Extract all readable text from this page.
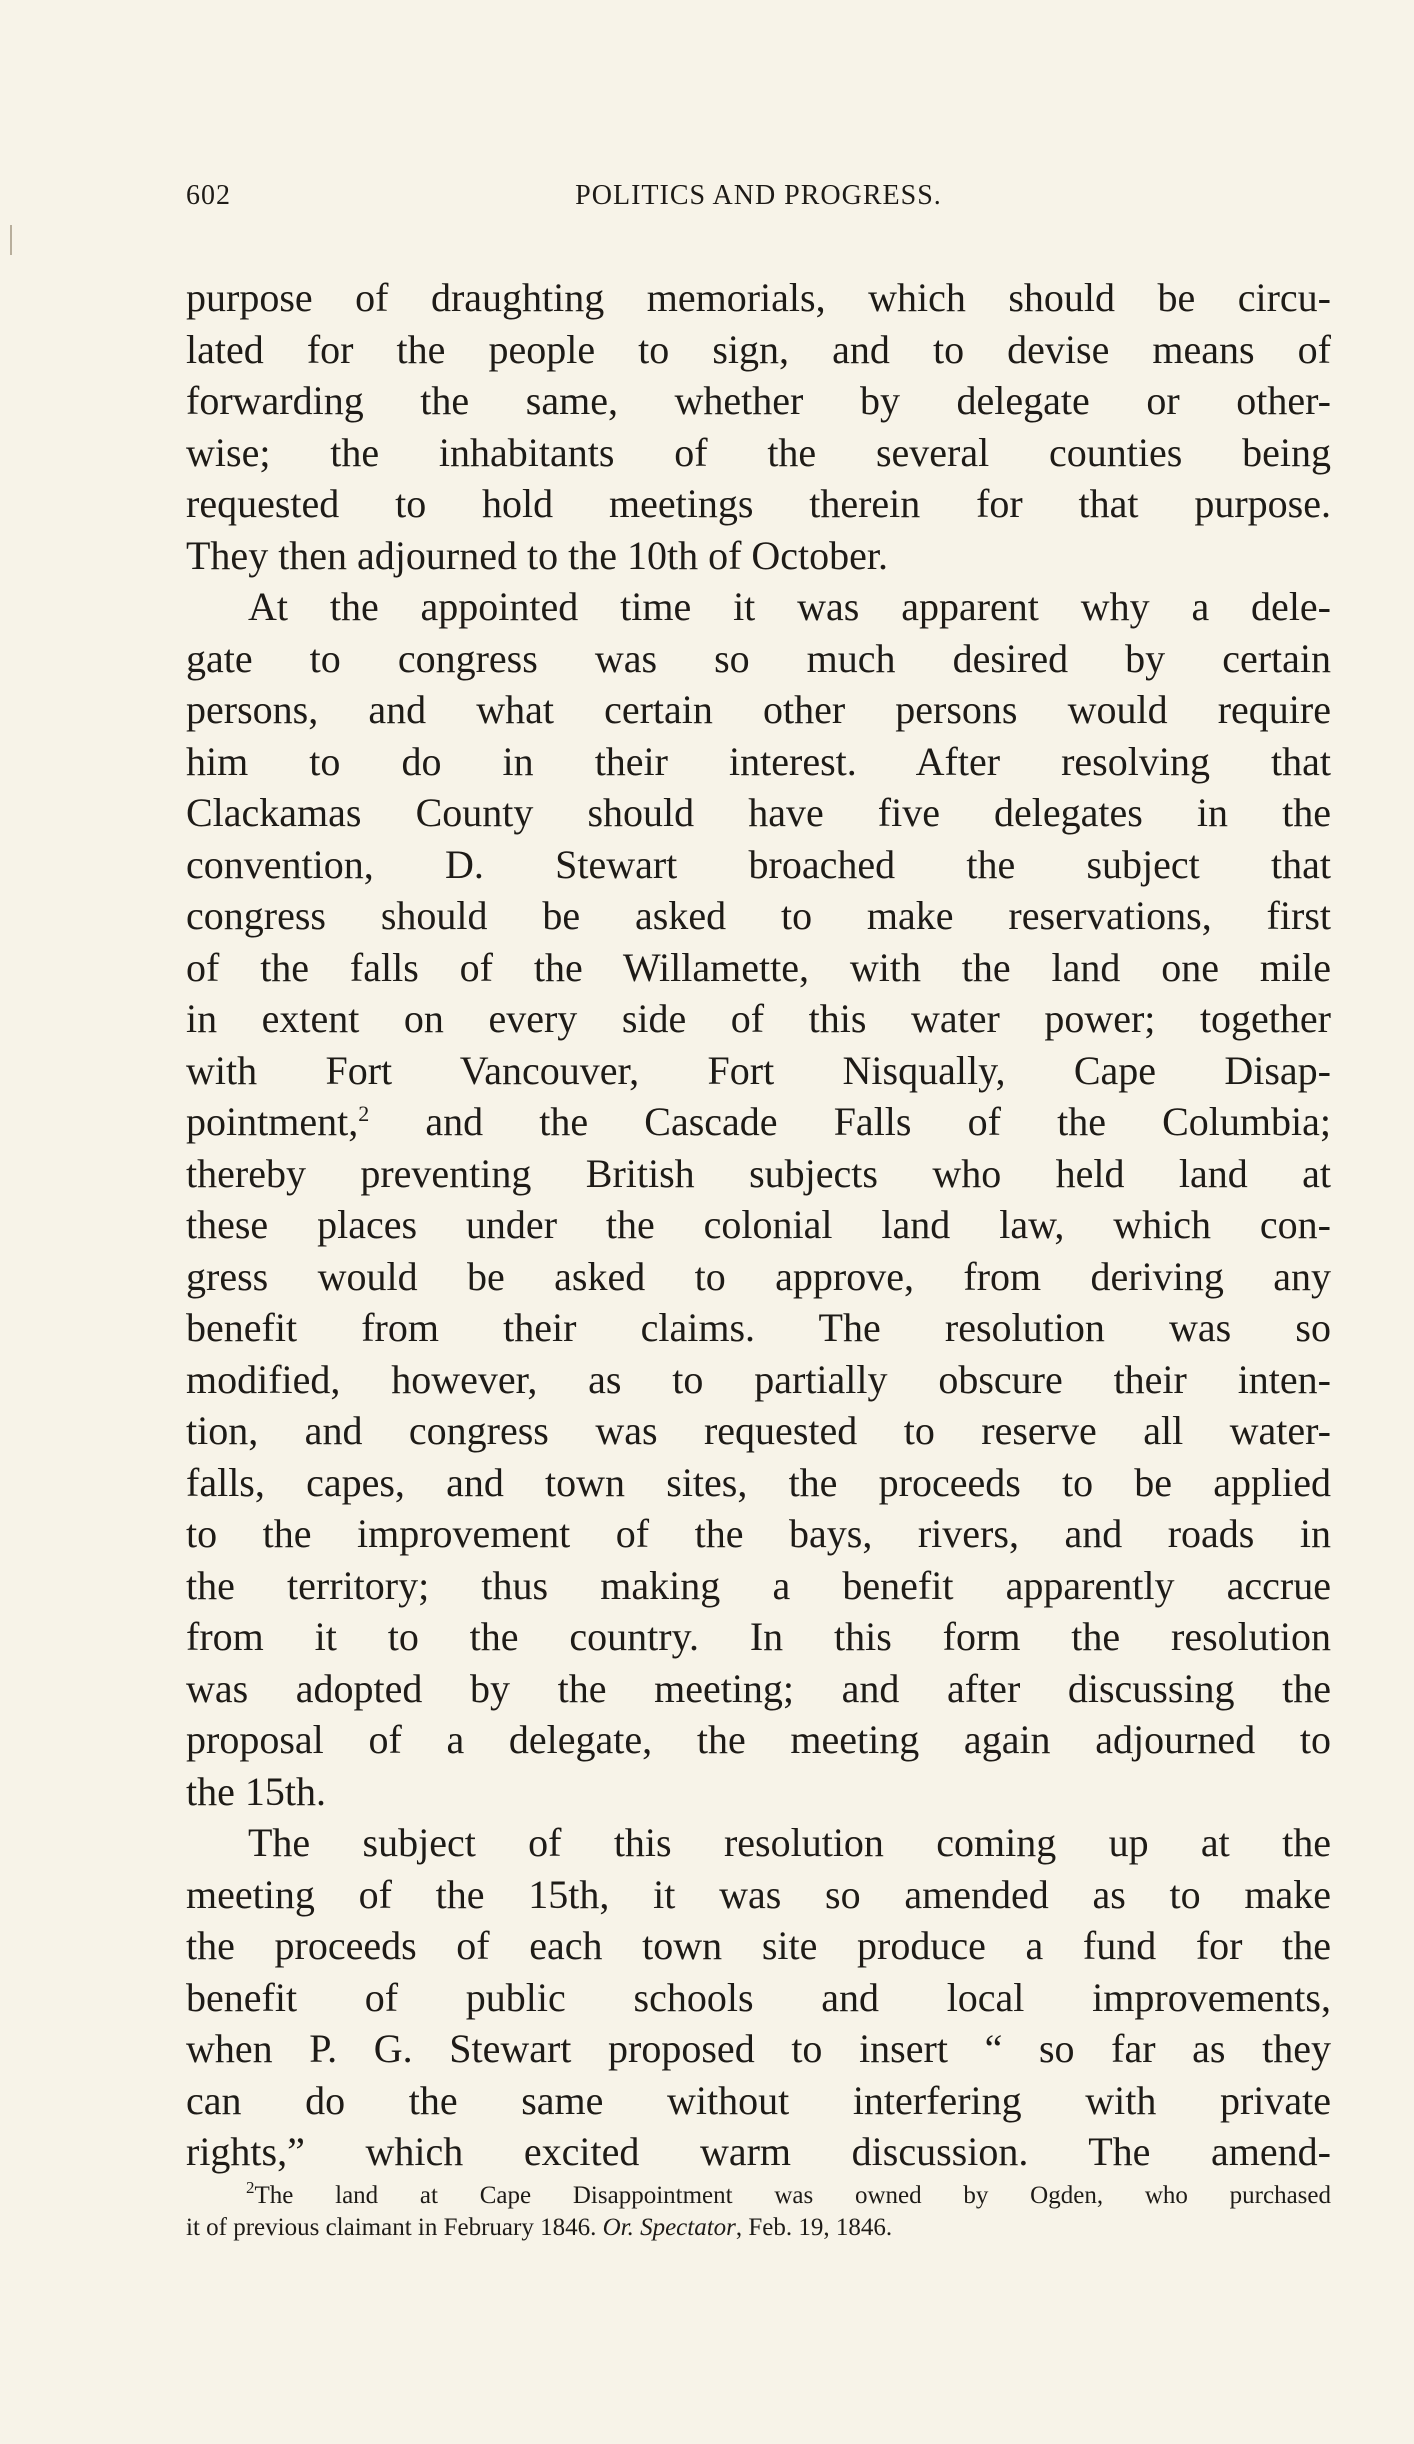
602	POLITICS AND PROGRESS.
purpose of draughting memorials, which should be circu-
lated for the people to sign, and to devise means of
forwarding the same, whether by delegate or other-
wise; the inhabitants of the several counties being
requested to hold meetings therein for that purpose.
They then adjourned to the 10th of October.
At the appointed time it was apparent why a dele-
gate to congress was so much desired by certain
persons, and what certain other persons would require
him to do in their interest. After resolving that
Clackamas County should have five delegates in the
convention, D. Stewart broached the subject that
congress should be asked to make reservations, first
of the falls of the Willamette, with the land one mile
in extent on every side of this water power; together
with Fort Vancouver, Fort Nisqually, Cape Disap-
pointment,$^2$ and the Cascade Falls of the Columbia;
thereby preventing British subjects who held land at
these places under the colonial land law, which con-
gress would be asked to approve, from deriving any
benefit from their claims. The resolution was so
modified, however, as to partially obscure their inten-
tion, and congress was requested to reserve all water-
falls, capes, and town sites, the proceeds to be applied
to the improvement of the bays, rivers, and roads in
the territory; thus making a benefit apparently accrue
from it to the country. In this form the resolution
was adopted by the meeting; and after discussing the
proposal of a delegate, the meeting again adjourned to
the 15th.
The subject of this resolution coming up at the
meeting of the 15th, it was so amended as to make
the proceeds of each town site produce a fund for the
benefit of public schools and local improvements,
when P. G. Stewart proposed to insert “ so far as they
can do the same without interfering with private
rights,” which excited warm discussion. The amend-
$^2$The land at Cape Disappointment was owned by Ogden, who purchased
it of previous claimant in February 1846. Or. Spectator, Feb. 19, 1846.
